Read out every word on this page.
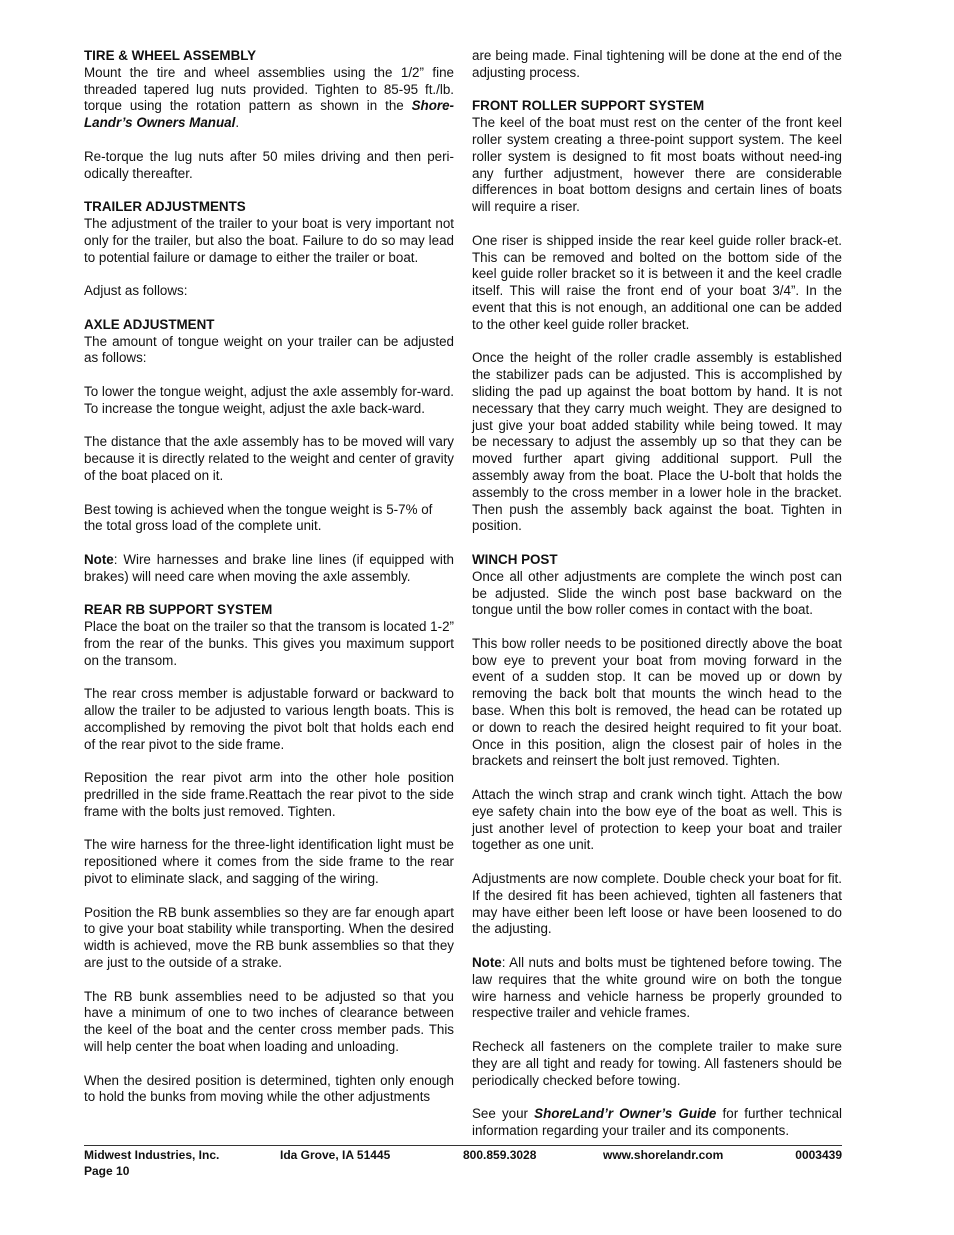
TIRE & WHEEL ASSEMBLY

Mount the tire and wheel assemblies using the 1/2” fine threaded tapered lug nuts provided. Tighten to 85-95 ft./lb. torque using the rotation pattern as shown in the Shore-Landr’s Owners Manual.

Re-torque the lug nuts after 50 miles driving and then peri-odically thereafter.

TRAILER ADJUSTMENTS

The adjustment of the trailer to your boat is very important not only for the trailer, but also the boat. Failure to do so may lead to potential failure or damage to either the trailer or boat.

Adjust as follows:

AXLE ADJUSTMENT

The amount of tongue weight on your trailer can be adjusted as follows:

To lower the tongue weight, adjust the axle assembly for-ward. To increase the tongue weight, adjust the axle back-ward.

The distance that the axle assembly has to be moved will vary because it is directly related to the weight and center of gravity of the boat placed on it.

Best towing is achieved when the tongue weight is 5-7% of the total gross load of the complete unit.

Note: Wire harnesses and brake line lines (if equipped with brakes) will need care when moving the axle assembly.

REAR RB SUPPORT SYSTEM

Place the boat on the trailer so that the transom is located 1-2” from the rear of the bunks. This gives you maximum support on the transom.

The rear cross member is adjustable forward or backward to allow the trailer to be adjusted to various length boats. This is accomplished by removing the pivot bolt that holds each end of the rear pivot to the side frame.

Reposition the rear pivot arm into the other hole position predrilled in the side frame.Reattach the rear pivot to the side frame with the bolts just removed. Tighten.

The wire harness for the three-light identification light must be repositioned where it comes from the side frame to the rear pivot to eliminate slack, and sagging of the wiring.

Position the RB bunk assemblies so they are far enough apart to give your boat stability while transporting. When the desired width is achieved, move the RB bunk assemblies so that they are just to the outside of a strake.

The RB bunk assemblies need to be adjusted so that you have a minimum of one to two inches of clearance between the keel of the boat and the center cross member pads. This will help center the boat when loading and unloading.

When the desired position is determined, tighten only enough to hold the bunks from moving while the other adjustments

are being made. Final tightening will be done at the end of the adjusting process.

FRONT ROLLER SUPPORT SYSTEM

The keel of the boat must rest on the center of the front keel roller system creating a three-point support system. The keel roller system is designed to fit most boats without need-ing any further adjustment, however there are considerable differences in boat bottom designs and certain lines of boats will require a riser.

One riser is shipped inside the rear keel guide roller brack-et. This can be removed and bolted on the bottom side of the keel guide roller bracket so it is between it and the keel cradle itself. This will raise the front end of your boat 3/4”. In the event that this is not enough, an additional one can be added to the other keel guide roller bracket.

Once the height of the roller cradle assembly is established the stabilizer pads can be adjusted. This is accomplished by sliding the pad up against the boat bottom by hand. It is not necessary that they carry much weight. They are designed to just give your boat added stability while being towed. It may be necessary to adjust the assembly up so that they can be moved further apart giving additional support. Pull the assembly away from the boat. Place the U-bolt that holds the assembly to the cross member in a lower hole in the bracket. Then push the assembly back against the boat. Tighten in position.

WINCH POST

Once all other adjustments are complete the winch post can be adjusted. Slide the winch post base backward on the tongue until the bow roller comes in contact with the boat.

This bow roller needs to be positioned directly above the boat bow eye to prevent your boat from moving forward in the event of a sudden stop. It can be moved up or down by removing the back bolt that mounts the winch head to the base. When this bolt is removed, the head can be rotated up or down to reach the desired height required to fit your boat. Once in this position, align the closest pair of holes in the brackets and reinsert the bolt just removed. Tighten.

Attach the winch strap and crank winch tight. Attach the bow eye safety chain into the bow eye of the boat as well. This is just another level of protection to keep your boat and trailer together as one unit.

Adjustments are now complete. Double check your boat for fit. If the desired fit has been achieved, tighten all fasteners that may have either been left loose or have been loosened to do the adjusting.

Note: All nuts and bolts must be tightened before towing. The law requires that the white ground wire on both the tongue wire harness and vehicle harness be properly grounded to respective trailer and vehicle frames.

Recheck all fasteners on the complete trailer to make sure they are all tight and ready for towing. All fasteners should be periodically checked before towing.

See your ShoreLand’r Owner’s Guide for further technical information regarding your trailer and its components.

Midwest Industries, Inc.	Ida Grove, IA 51445	800.859.3028	www.shorelandr.com	0003439
Page 10
